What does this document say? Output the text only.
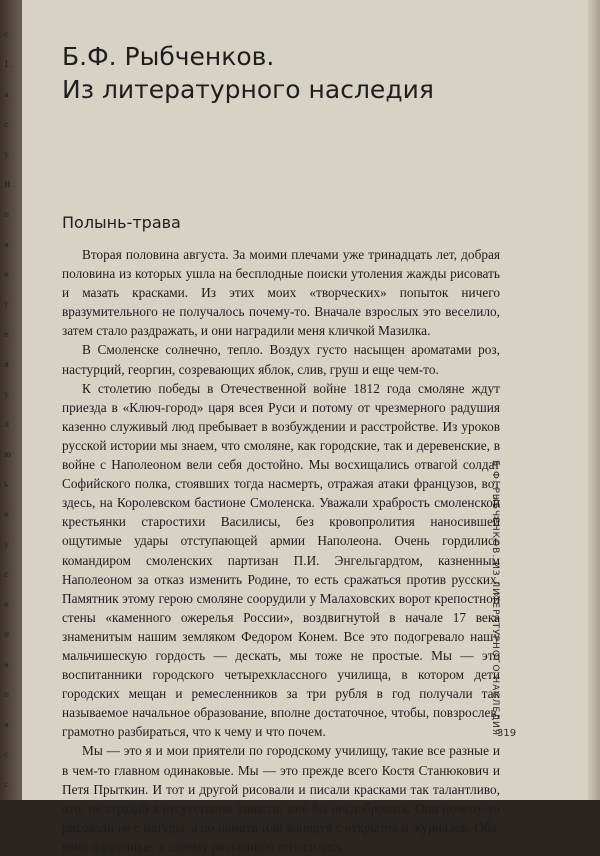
с
1.
а
с
у
Я
о
а
е
т
е
я
у
л
ю
ь
е
у
с
е
н
а
о
а
с
с
Б.Ф. Рыбченков.
Из литературного наследия
Полынь-трава

Вторая половина августа. За моими плечами уже тринадцать лет, добрая половина из которых ушла на бесплодные поиски утоления жажды рисовать и мазать красками. Из этих моих «творческих» попыток ничего вразумительного не получалось почему-то. Вначале взрослых это веселило, затем стало раздражать, и они наградили меня кличкой Мазилка.

В Смоленске солнечно, тепло. Воздух густо насыщен ароматами роз, настурций, георгин, созревающих яблок, слив, груш и еще чем-то.

К столетию победы в Отечественной войне 1812 года смоляне ждут приезда в «Ключ-город» царя всея Руси и потому от чрезмерного радушия казенно служивый люд пребывает в возбуждении и расстройстве. Из уроков русской истории мы знаем, что смоляне, как городские, так и деревенские, в войне с Наполеоном вели себя достойно. Мы восхищались отвагой солдат Софийского полка, стоявших тогда насмерть, отражая атаки французов, вот здесь, на Королевском бастионе Смоленска. Уважали храбрость смоленской крестьянки старостихи Василисы, без кровопролития наносившей ощутимые удары отступающей армии Наполеона. Очень гордились командиром смоленских партизан П.И. Энгельгардтом, казненным Наполеоном за отказ изменить Родине, то есть сражаться против русских. Памятник этому герою смоляне соорудили у Малаховских ворот крепостной стены «каменного ожерелья России», воздвигнутой в начале 17 века знаменитым нашим земляком Федором Конем. Все это подогревало нашу мальчишескую гордость — дескать, мы тоже не простые. Мы — это воспитанники городского четырехклассного училища, в котором дети городских мещан и ремесленников за три рубля в год получали так называемое начальное образование, вполне достаточное, чтобы, повзрослев, грамотно разбираться, что к чему и что почем.

Мы — это я и мои приятели по городскому училищу, такие все разные и в чем-то главном одинаковые. Мы — это прежде всего Костя Станюкович и Петя Прыткин. И тот и другой рисовали и писали красками так талантливо, что, не страдай я отсутствием зависти, мне бы несдобровать. Они почему-то рисовали не с натуры, а по памяти или копируя с открыток и журналов. Оба, явно одаренные, к своему рисованию относились

Б.Ф. РЫБЧЕНКОВ. ИЗ ЛИТЕРАТУРНОГО НАСЛЕДИЯ
319
